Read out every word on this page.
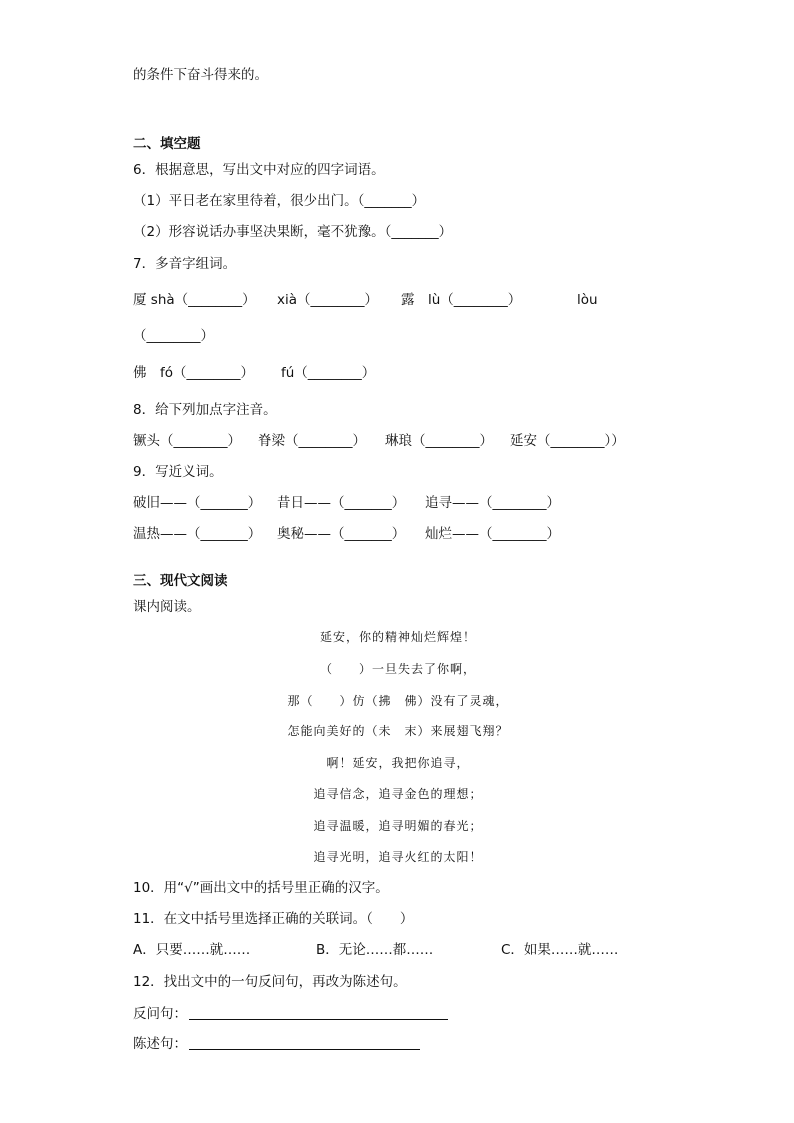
的条件下奋斗得来的。
二、填空题
6．根据意思，写出文中对应的四字词语。
（1）平日老在家里待着，很少出门。（_______）
（2）形容说话办事坚决果断，毫不犹豫。（_______）
7．多音字组词。
厦 shà（________） xià（________） 露　lù（________）	lòu
（________）
佛　fó（________） fú（________）
8．给下列加点字注音。
镢头（________） 脊梁（________） 琳琅（________） 延安（________））
9．写近义词。
破旧——（_______） 昔日——（_______） 追寻——（________）
温热——（_______） 奥秘——（_______） 灿烂——（________）
三、现代文阅读
课内阅读。
延安，你的精神灿烂辉煌！
（　　）一旦失去了你啊，
那（　　）仿（拂　佛）没有了灵魂，
怎能向美好的（未　末）来展翅飞翔？
啊！延安，我把你追寻，
追寻信念，追寻金色的理想；
追寻温暖，追寻明媚的春光；
追寻光明，追寻火红的太阳！
10．用“√”画出文中的括号里正确的汉字。
11．在文中括号里选择正确的关联词。（　　）
A．只要……就……	B．无论……都……	C．如果……就……
12．找出文中的一句反问句，再改为陈述句。
反问句：
陈述句：
